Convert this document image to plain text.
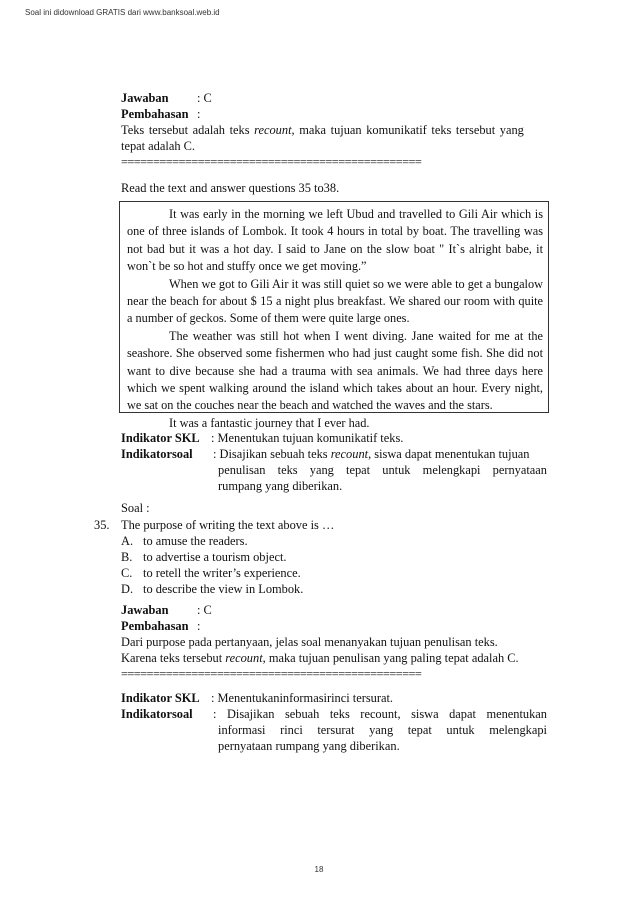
Soal ini didownload GRATIS dari www.banksoal.web.id
Jawaban : C
Pembahasan :
Teks tersebut adalah teks recount, maka tujuan komunikatif teks tersebut yang
tepat adalah C.
===============================================
Read the text and answer questions 35 to38.
It was early in the morning we left Ubud and travelled to Gili Air which is one of three islands of Lombok. It took 4 hours in total by boat. The travelling was not bad but it was a hot day. I said to Jane on the slow boat " It`s alright babe, it won`t be so hot and stuffy once we get moving.”
When we got to Gili Air it was still quiet so we were able to get a bungalow near the beach for about $ 15 a night plus breakfast. We shared our room with quite a number of geckos. Some of them were quite large ones.
The weather was still hot when I went diving. Jane waited for me at the seashore. She observed some fishermen who had just caught some fish. She did not want to dive because she had a trauma with sea animals. We had three days here which we spent walking around the island which takes about an hour. Every night, we sat on the couches near the beach and watched the waves and the stars.
It was a fantastic journey that I ever had.
Indikator SKL : Menentukan tujuan komunikatif teks.
Indikatorsoal : Disajikan sebuah teks recount, siswa dapat menentukan tujuan
penulisan teks yang tepat untuk melengkapi pernyataan
rumpang yang diberikan.
Soal :
35. The purpose of writing the text above is …
A. to amuse the readers.
B. to advertise a tourism object.
C. to retell the writer’s experience.
D. to describe the view in Lombok.
Jawaban : C
Pembahasan :
Dari purpose pada pertanyaan, jelas soal menanyakan tujuan penulisan teks.
Karena teks tersebut recount, maka tujuan penulisan yang paling tepat adalah C.
===============================================
Indikator SKL : Menentukaninformasirinci tersurat.
Indikatorsoal : Disajikan sebuah teks recount, siswa dapat menentukan
informasi rinci tersurat yang tepat untuk melengkapi
pernyataan rumpang yang diberikan.
18
